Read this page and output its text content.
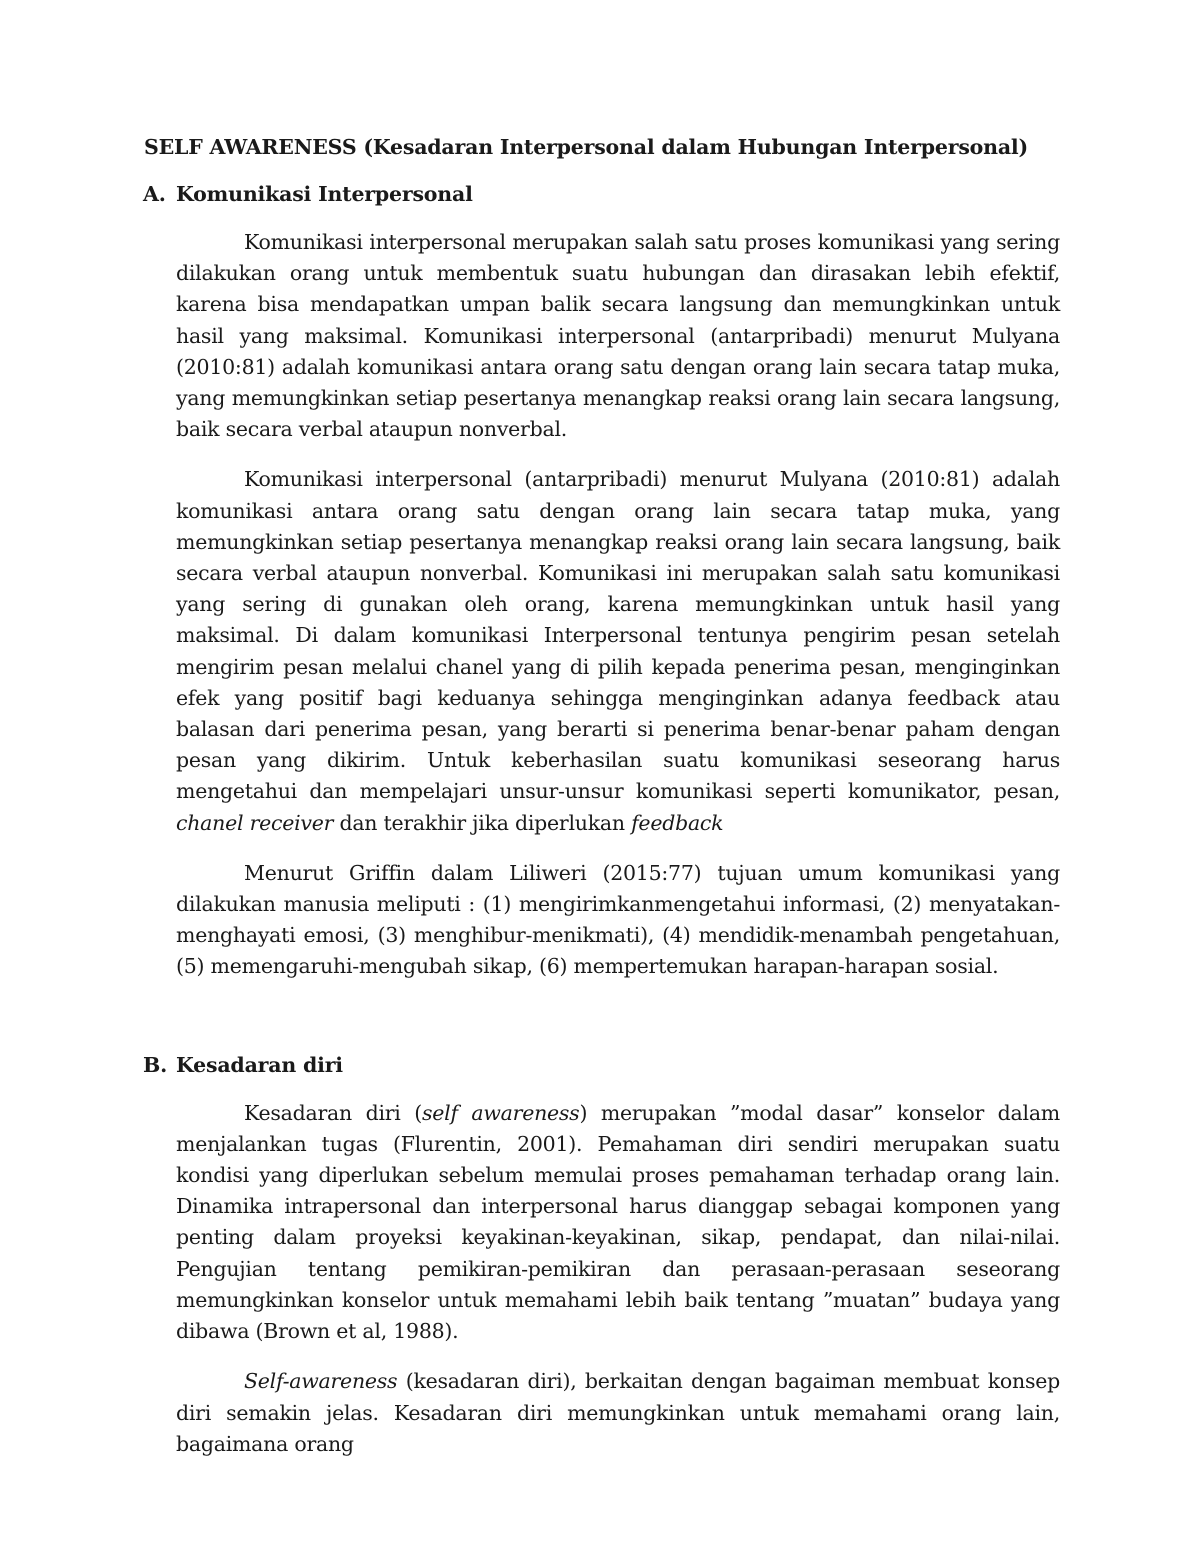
SELF AWARENESS (Kesadaran Interpersonal dalam Hubungan Interpersonal)
A. Komunikasi Interpersonal

Komunikasi interpersonal merupakan salah satu proses komunikasi yang sering dilakukan orang untuk membentuk suatu hubungan dan dirasakan lebih efektif, karena bisa mendapatkan umpan balik secara langsung dan memungkinkan untuk hasil yang maksimal. Komunikasi interpersonal (antarpribadi) menurut Mulyana (2010:81) adalah komunikasi antara orang satu dengan orang lain secara tatap muka, yang memungkinkan setiap pesertanya menangkap reaksi orang lain secara langsung, baik secara verbal ataupun nonverbal.

Komunikasi interpersonal (antarpribadi) menurut Mulyana (2010:81) adalah komunikasi antara orang satu dengan orang lain secara tatap muka, yang memungkinkan setiap pesertanya menangkap reaksi orang lain secara langsung, baik secara verbal ataupun nonverbal. Komunikasi ini merupakan salah satu komunikasi yang sering di gunakan oleh orang, karena memungkinkan untuk hasil yang maksimal. Di dalam komunikasi Interpersonal tentunya pengirim pesan setelah mengirim pesan melalui chanel yang di pilih kepada penerima pesan, menginginkan efek yang positif bagi keduanya sehingga menginginkan adanya feedback atau balasan dari penerima pesan, yang berarti si penerima benar-benar paham dengan pesan yang dikirim. Untuk keberhasilan suatu komunikasi seseorang harus mengetahui dan mempelajari unsur-unsur komunikasi seperti komunikator, pesan, chanel receiver dan terakhir jika diperlukan feedback

Menurut Griffin dalam Liliweri (2015:77) tujuan umum komunikasi yang dilakukan manusia meliputi : (1) mengirimkanmengetahui informasi, (2) menyatakan-menghayati emosi, (3) menghibur-menikmati), (4) mendidik-menambah pengetahuan, (5) memengaruhi-mengubah sikap, (6) mempertemukan harapan-harapan sosial.

B. Kesadaran diri

Kesadaran diri (self awareness) merupakan ”modal dasar” konselor dalam menjalankan tugas (Flurentin, 2001). Pemahaman diri sendiri merupakan suatu kondisi yang diperlukan sebelum memulai proses pemahaman terhadap orang lain. Dinamika intrapersonal dan interpersonal harus dianggap sebagai komponen yang penting dalam proyeksi keyakinan-keyakinan, sikap, pendapat, dan nilai-nilai. Pengujian tentang pemikiran-pemikiran dan perasaan-perasaan seseorang memungkinkan konselor untuk memahami lebih baik tentang ”muatan” budaya yang dibawa (Brown et al, 1988).

Self-awareness (kesadaran diri), berkaitan dengan bagaiman membuat konsep diri semakin jelas. Kesadaran diri memungkinkan untuk memahami orang lain, bagaimana orang
